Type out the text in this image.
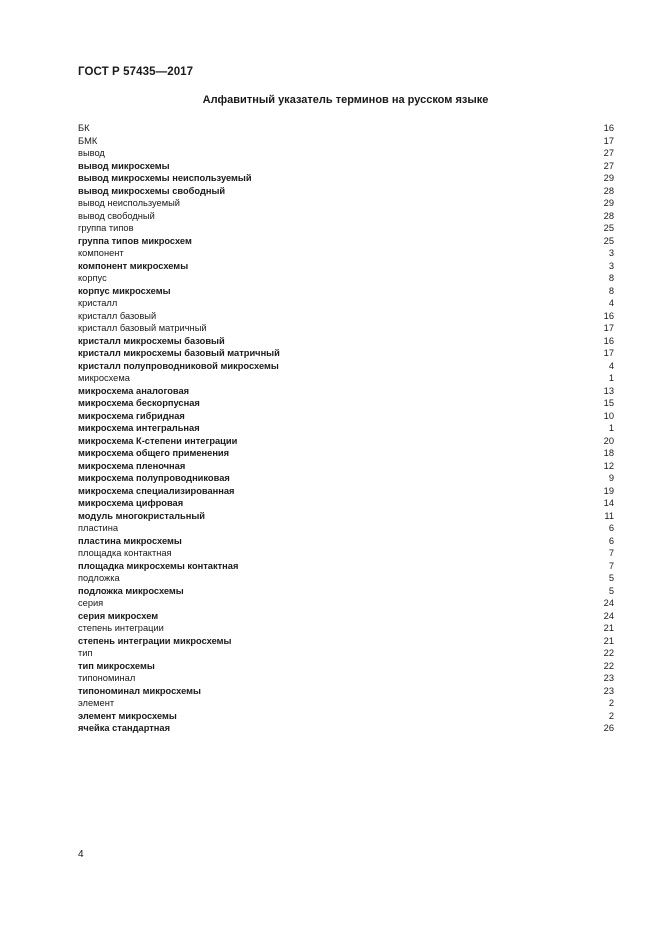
ГОСТ Р 57435—2017
Алфавитный указатель терминов на русском языке
БК	16
БМК	17
вывод	27
вывод микросхемы	27
вывод микросхемы неиспользуемый	29
вывод микросхемы свободный	28
вывод неиспользуемый	29
вывод свободный	28
группа типов	25
группа типов микросхем	25
компонент	3
компонент микросхемы	3
корпус	8
корпус микросхемы	8
кристалл	4
кристалл базовый	16
кристалл базовый матричный	17
кристалл микросхемы базовый	16
кристалл микросхемы базовый матричный	17
кристалл полупроводниковой микросхемы	4
микросхема	1
микросхема аналоговая	13
микросхема бескорпусная	15
микросхема гибридная	10
микросхема интегральная	1
микросхема К-степени интеграции	20
микросхема общего применения	18
микросхема пленочная	12
микросхема полупроводниковая	9
микросхема специализированная	19
микросхема цифровая	14
модуль многокристальный	11
пластина	6
пластина микросхемы	6
площадка контактная	7
площадка микросхемы контактная	7
подложка	5
подложка микросхемы	5
серия	24
серия микросхем	24
степень интеграции	21
степень интеграции микросхемы	21
тип	22
тип микросхемы	22
типономинал	23
типономинал микросхемы	23
элемент	2
элемент микросхемы	2
ячейка стандартная	26
4
